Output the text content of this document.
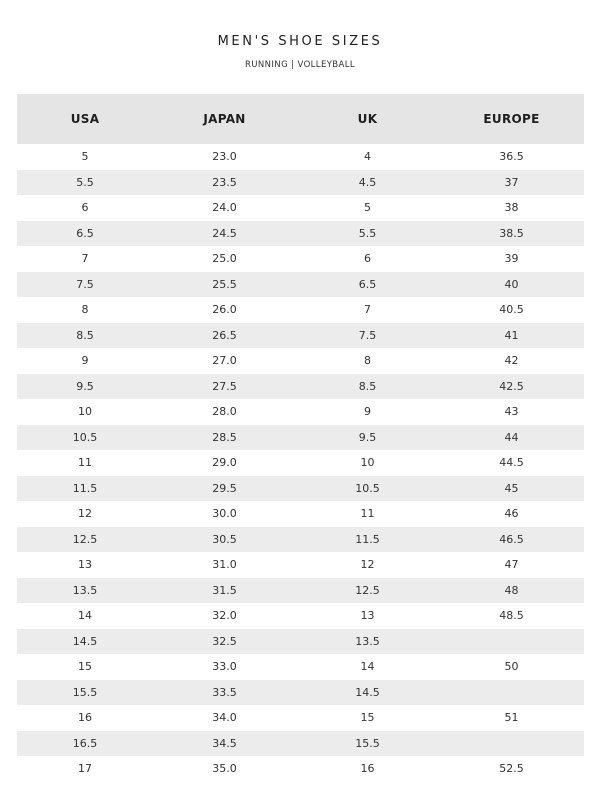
MEN'S SHOE SIZES
RUNNING | VOLLEYBALL
USA	JAPAN	UK	EUROPE
5	23.0	4	36.5
5.5	23.5	4.5	37
6	24.0	5	38
6.5	24.5	5.5	38.5
7	25.0	6	39
7.5	25.5	6.5	40
8	26.0	7	40.5
8.5	26.5	7.5	41
9	27.0	8	42
9.5	27.5	8.5	42.5
10	28.0	9	43
10.5	28.5	9.5	44
11	29.0	10	44.5
11.5	29.5	10.5	45
12	30.0	11	46
12.5	30.5	11.5	46.5
13	31.0	12	47
13.5	31.5	12.5	48
14	32.0	13	48.5
14.5	32.5	13.5	
15	33.0	14	50
15.5	33.5	14.5	
16	34.0	15	51
16.5	34.5	15.5	
17	35.0	16	52.5
